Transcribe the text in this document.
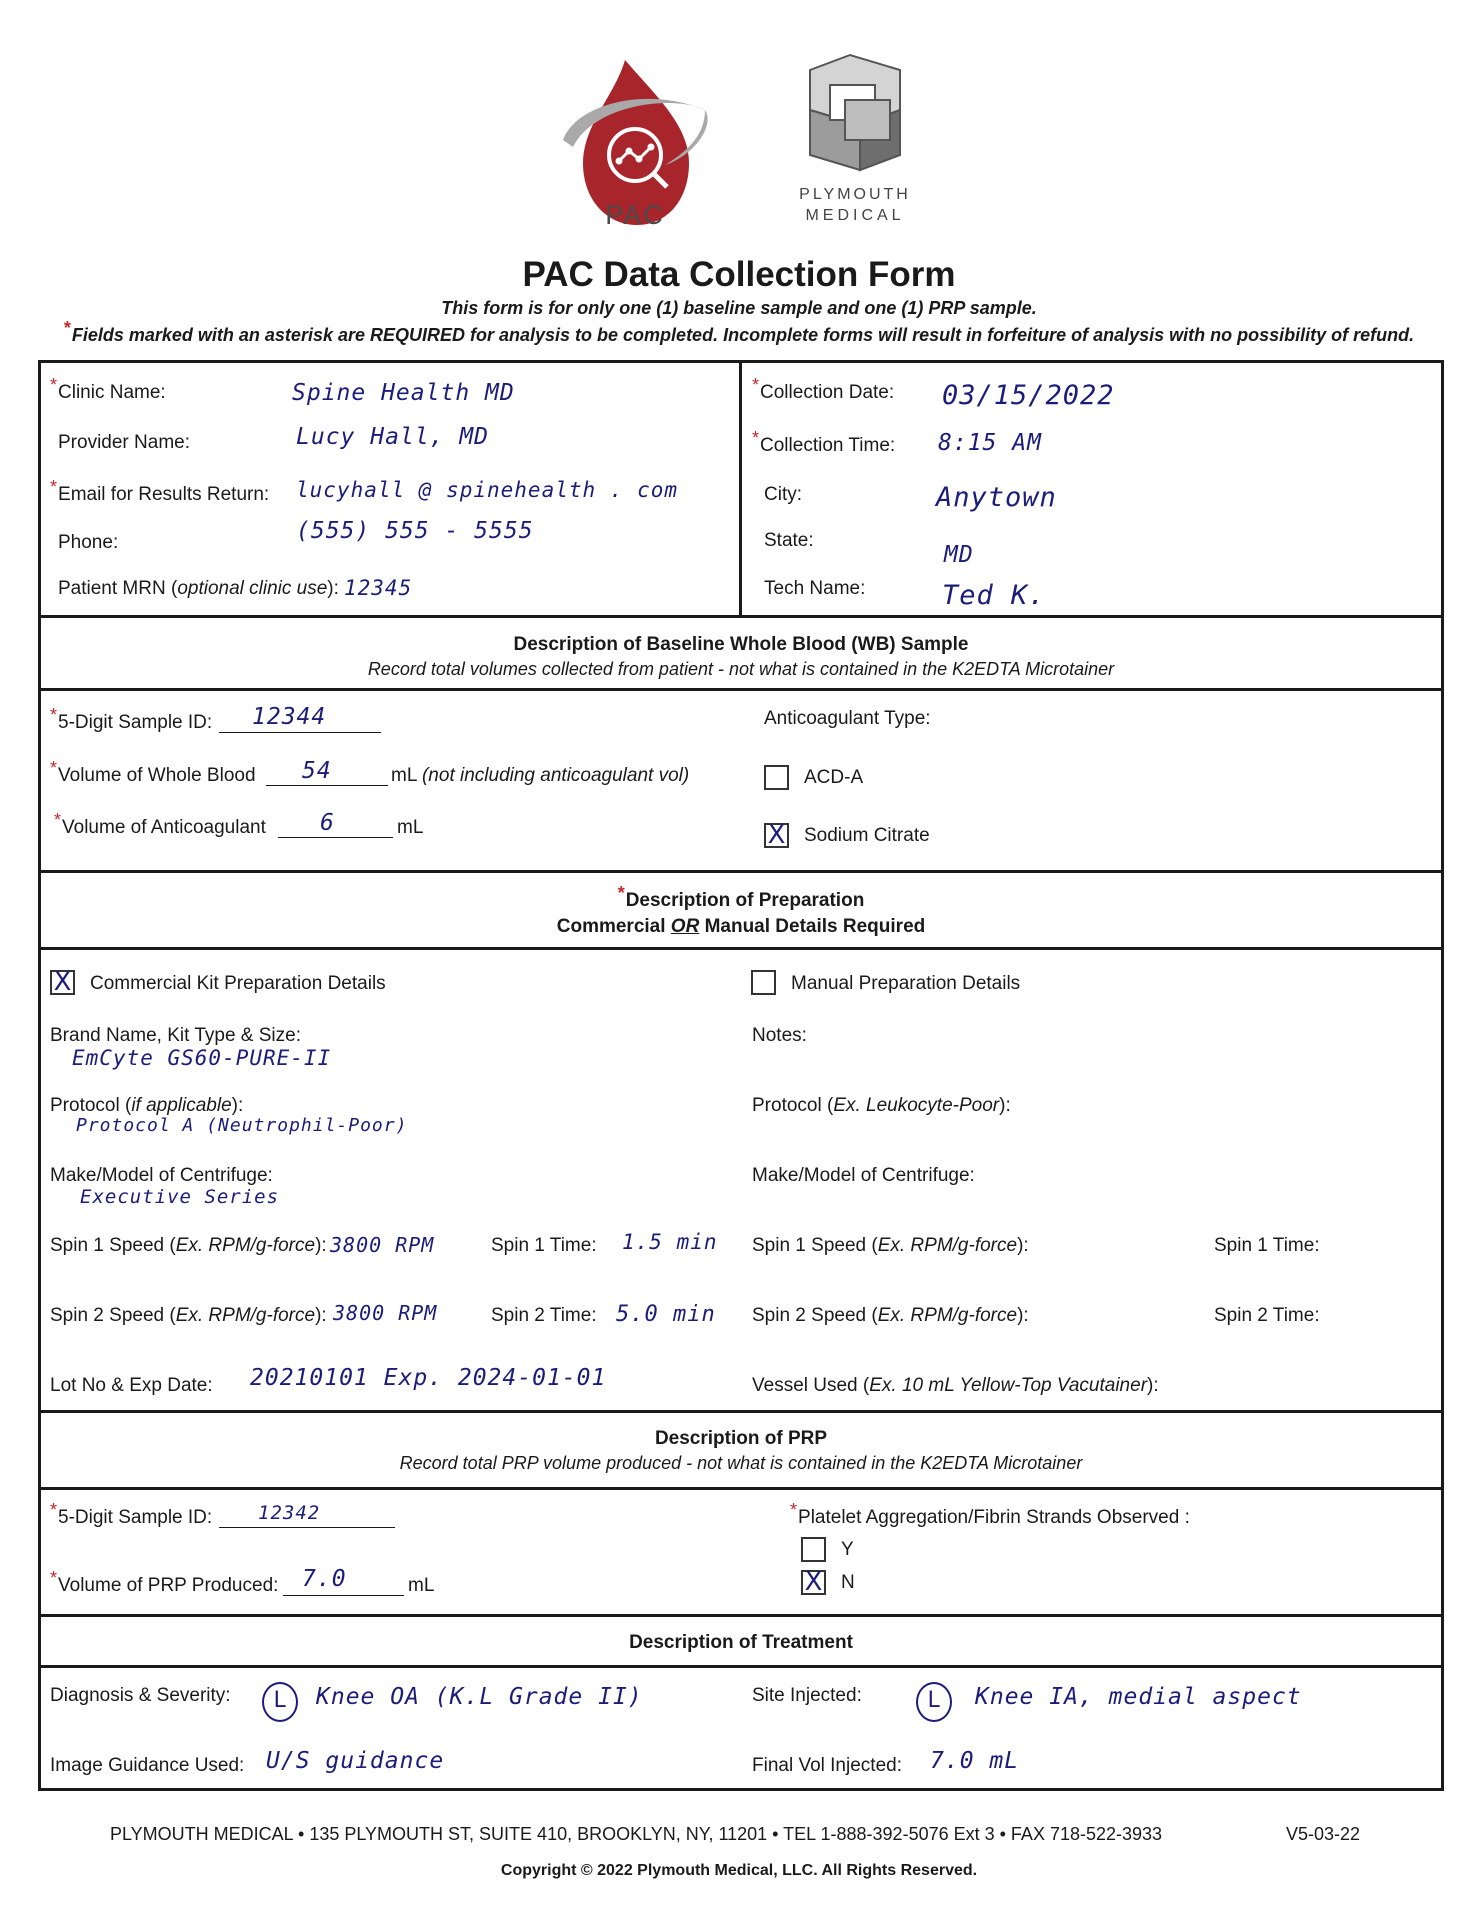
PAC
PLYMOUTH
MEDICAL
PAC Data Collection Form
This form is for only one (1) baseline sample and one (1) PRP sample.
*Fields marked with an asterisk are REQUIRED for analysis to be completed. Incomplete forms will result in forfeiture of analysis with no possibility of refund.
*Clinic Name:	Spine Health MD
Provider Name:	Lucy Hall, MD
*Email for Results Return: lucyhall @ spinehealth . com
Phone:	(555) 555 - 5555
Patient MRN (optional clinic use): 12345
*Collection Date: 03/15/2022
*Collection Time: 8:15 AM
City:	Anytown
State:
MD
Tech Name:	Ted K.
Description of Baseline Whole Blood (WB) Sample
Record total volumes collected from patient - not what is contained in the K2EDTA Microtainer
*5-Digit Sample ID: 12344
*Volume of Whole Blood 54	mL (not including anticoagulant vol)
*Volume of Anticoagulant 6	mL
Anticoagulant Type:
ACD-A
X Sodium Citrate
*Description of Preparation
Commercial OR Manual Details Required
X Commercial Kit Preparation Details
Brand Name, Kit Type & Size:
EmCyte GS60-PURE-II
Protocol (if applicable):
Protocol A (Neutrophil-Poor)
Make/Model of Centrifuge:
Executive Series
Spin 1 Speed (Ex. RPM/g-force): 3800 RPM	Spin 1 Time: 1.5 min
Spin 2 Speed (Ex. RPM/g-force): 3800 RPM	Spin 2 Time: 5.0 min
Lot No & Exp Date: 20210101 Exp. 2024-01-01
Manual Preparation Details
Notes:
Protocol (Ex. Leukocyte-Poor):
Make/Model of Centrifuge:
Spin 1 Speed (Ex. RPM/g-force):	Spin 1 Time:
Spin 2 Speed (Ex. RPM/g-force):	Spin 2 Time:
Vessel Used (Ex. 10 mL Yellow-Top Vacutainer):
Description of PRP
Record total PRP volume produced - not what is contained in the K2EDTA Microtainer
*5-Digit Sample ID: 12342
*Volume of PRP Produced: 7.0	mL
*Platelet Aggregation/Fibrin Strands Observed :
Y
X N
Description of Treatment
Diagnosis & Severity:	L	Knee OA (K.L Grade II)	Site Injected:	L	Knee IA, medial aspect
Image Guidance Used: U/S guidance	Final Vol Injected: 7.0 mL
PLYMOUTH MEDICAL • 135 PLYMOUTH ST, SUITE 410, BROOKLYN, NY, 11201 • TEL 1-888-392-5076 Ext 3 • FAX 718-522-3933	V5-03-22
Copyright © 2022 Plymouth Medical, LLC. All Rights Reserved.
